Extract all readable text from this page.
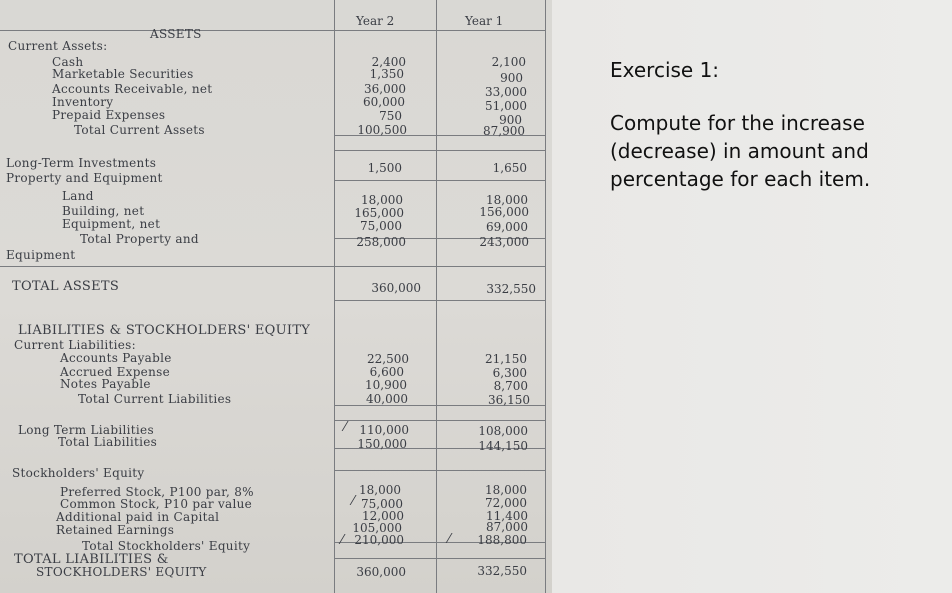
Year 2	Year 1
ASSETS
Current Assets:
Cash	2,400	2,100
Marketable Securities	1,350	900
Accounts Receivable, net	36,000	33,000
Inventory	60,000	51,000
Prepaid Expenses	750	900
Total Current Assets	100,500	87,900
Long-Term Investments	1,500	1,650
Property and Equipment
Land	18,000	18,000
Building, net	165,000	156,000
Equipment, net	75,000	69,000
Total Property and	258,000	243,000
Equipment
TOTAL ASSETS	360,000	332,550
LIABILITIES & STOCKHOLDERS' EQUITY
Current Liabilities:
Accounts Payable	22,500	21,150
Accrued Expense	6,600	6,300
Notes Payable	10,900	8,700
Total Current Liabilities	40,000	36,150
Long Term Liabilities	⁄	110,000	108,000
Total Liabilities	150,000	144,150
Stockholders' Equity
Preferred Stock, P100 par, 8%	18,000	18,000
Common Stock, P10 par value	⁄ 75,000	72,000
Additional paid in Capital	12,000	11,400
Retained Earnings	105,000	87,000
Total Stockholders' Equity	⁄ 210,000	⁄	188,800
TOTAL LIABILITIES &
STOCKHOLDERS' EQUITY	360,000	332,550
Exercise 1:
Compute for the increase
(decrease) in amount and
percentage for each item.
